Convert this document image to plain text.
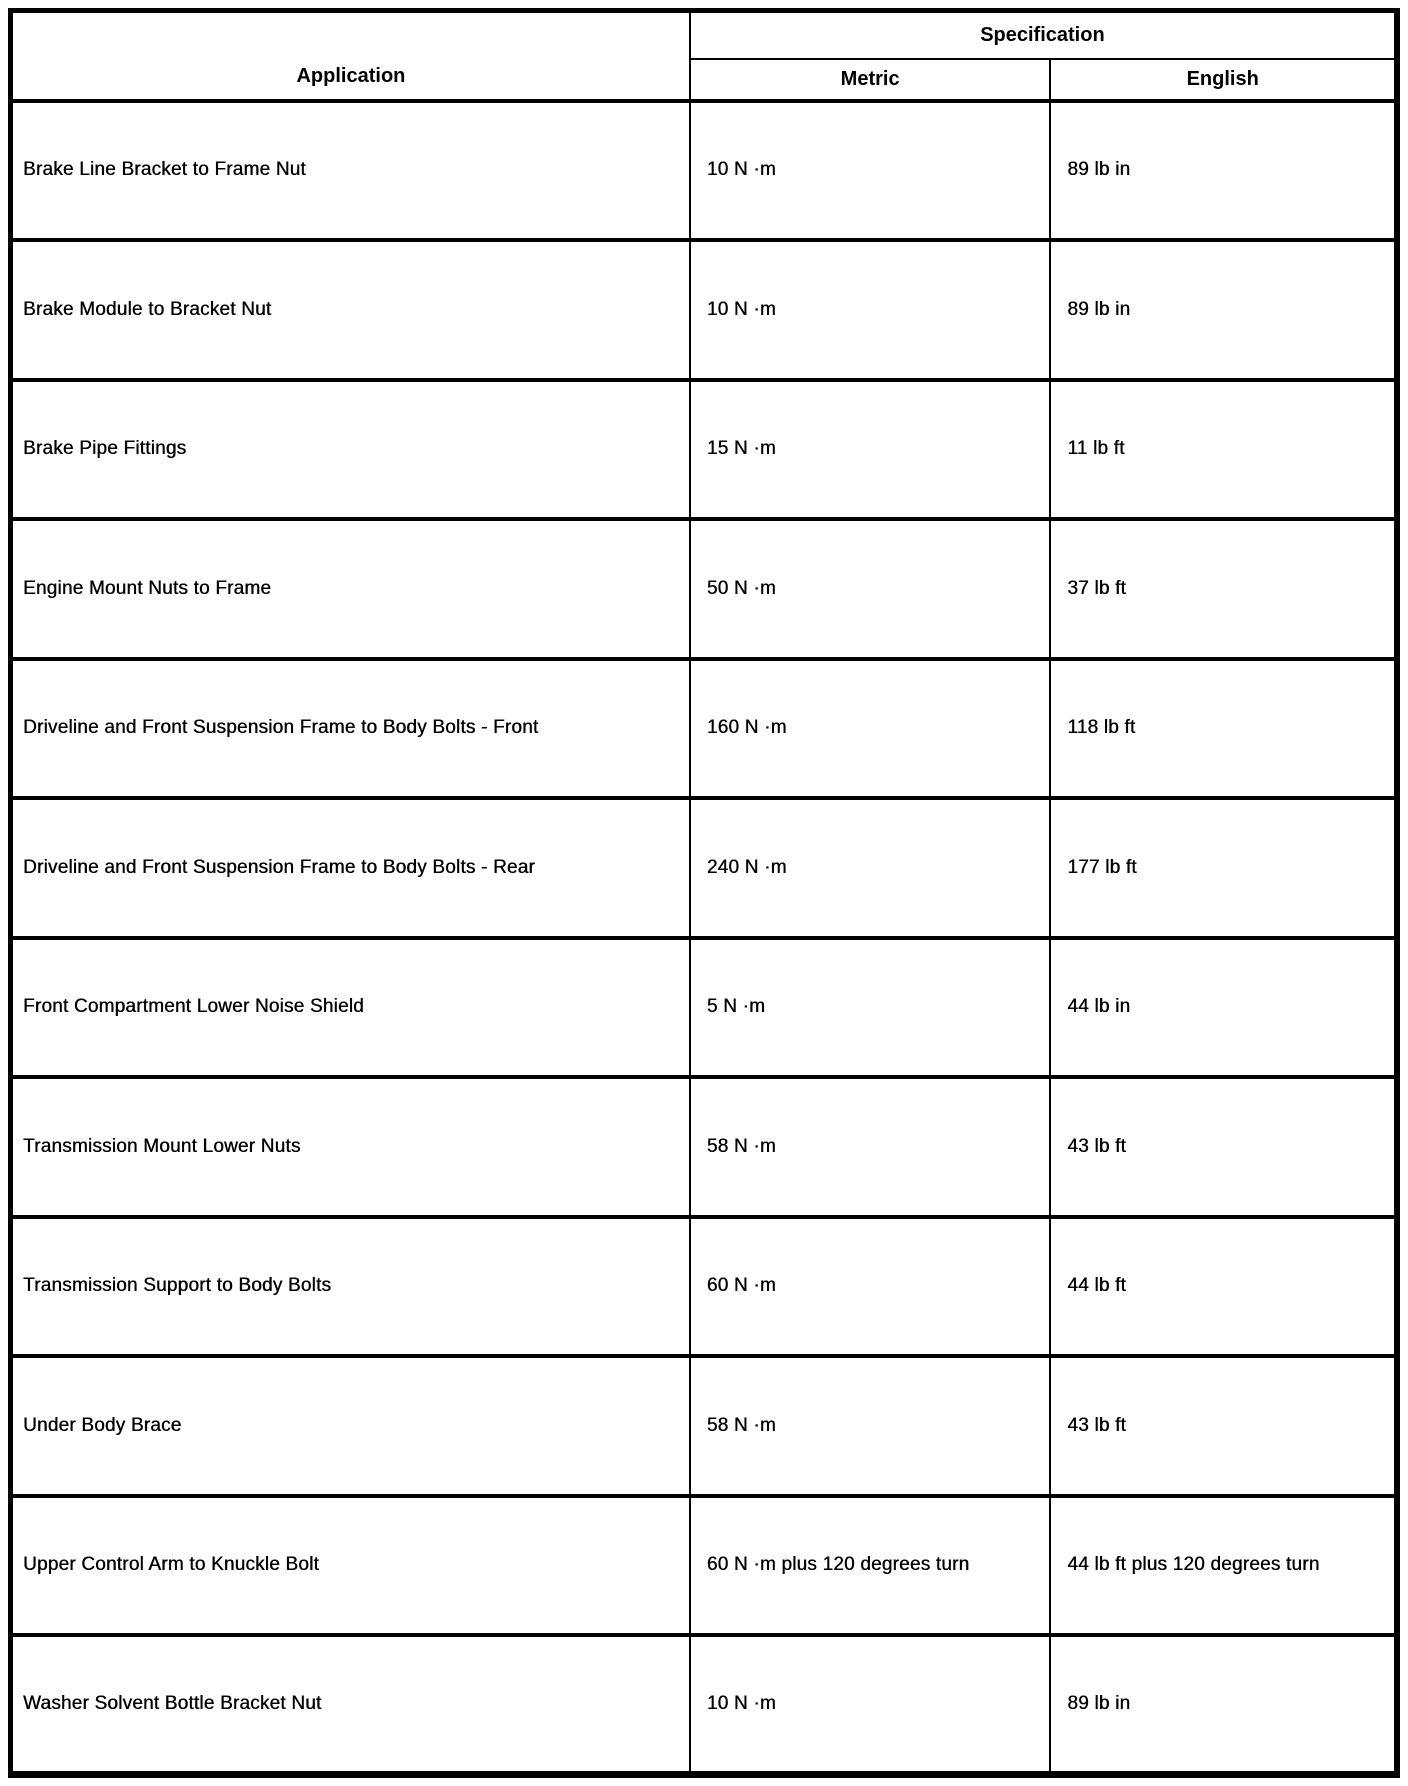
Application	Specification	
	Metric	English
Brake Line Bracket to Frame Nut	10 N ·m	89 lb in
Brake Module to Bracket Nut	10 N ·m	89 lb in
Brake Pipe Fittings	15 N ·m	11 lb ft
Engine Mount Nuts to Frame	50 N ·m	37 lb ft
Driveline and Front Suspension Frame to Body Bolts - Front	160 N ·m	118 lb ft
Driveline and Front Suspension Frame to Body Bolts - Rear	240 N ·m	177 lb ft
Front Compartment Lower Noise Shield	5 N ·m	44 lb in
Transmission Mount Lower Nuts	58 N ·m	43 lb ft
Transmission Support to Body Bolts	60 N ·m	44 lb ft
Under Body Brace	58 N ·m	43 lb ft
Upper Control Arm to Knuckle Bolt	60 N ·m plus 120 degrees turn	44 lb ft plus 120 degrees turn
Washer Solvent Bottle Bracket Nut	10 N ·m	89 lb in
